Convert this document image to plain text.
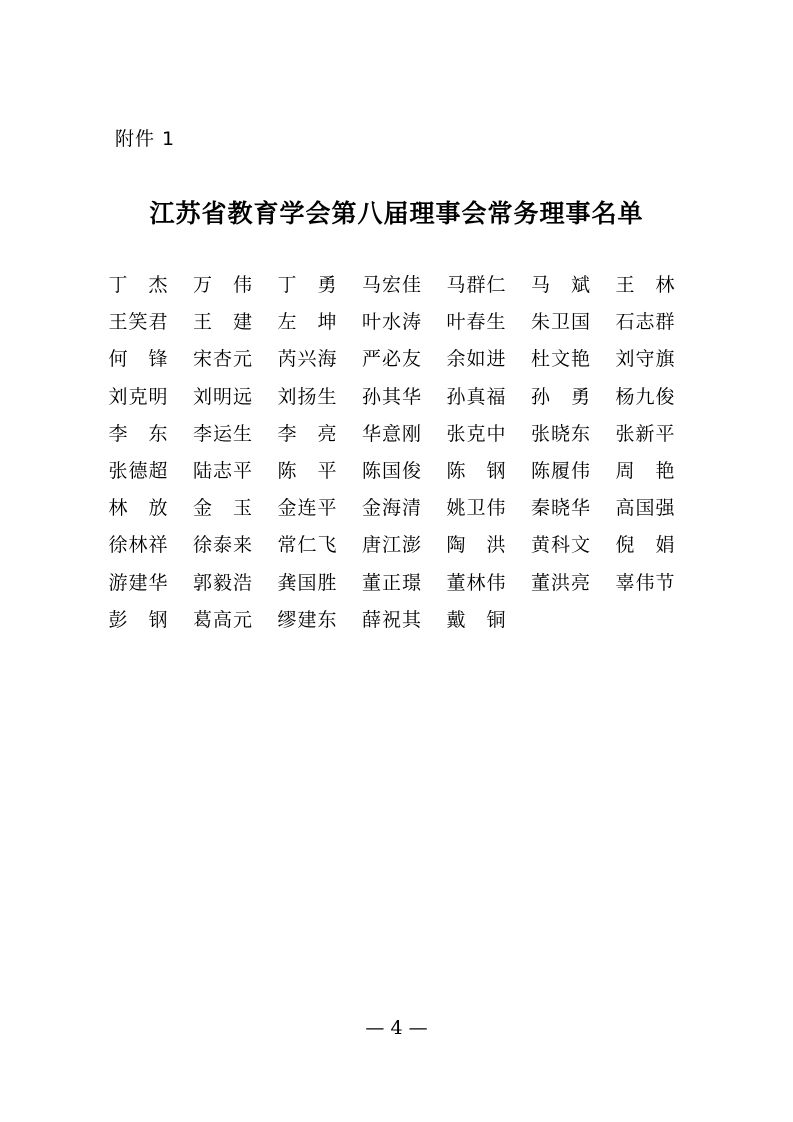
附件 1
江苏省教育学会第八届理事会常务理事名单
丁 杰 万 伟 丁 勇 马宏佳 马群仁 马 斌 王 林
王笑君 王 建 左 坤 叶水涛 叶春生 朱卫国 石志群
何 锋 宋杏元 芮兴海 严必友 余如进 杜文艳 刘守旗
刘克明 刘明远 刘扬生 孙其华 孙真福 孙 勇 杨九俊
李 东 李运生 李 亮 华意刚 张克中 张晓东 张新平
张德超 陆志平 陈 平 陈国俊 陈 钢 陈履伟 周 艳
林 放 金 玉 金连平 金海清 姚卫伟 秦晓华 高国强
徐林祥 徐泰来 常仁飞 唐江澎 陶 洪 黄科文 倪 娟
游建华 郭毅浩 龚国胜 董正璟 董林伟 董洪亮 辜伟节
彭 钢 葛高元 缪建东 薛祝其 戴 铜
— 4 —
